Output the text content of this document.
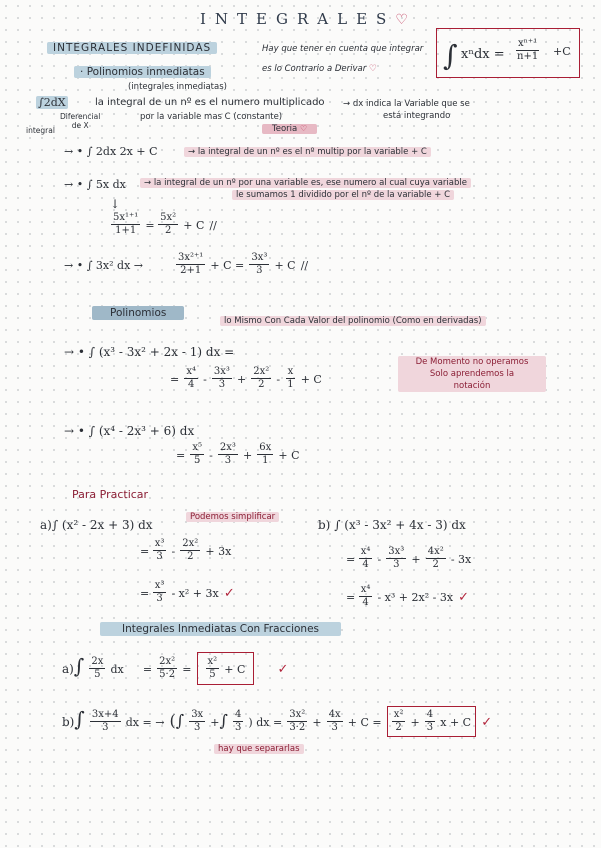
INTEGRALES♡
INTEGRALES INDEFINIDAS	Hay que tener en cuenta que integrar
es lo Contrario a Derivar ♡ ∫ $x^ndx = \frac{\text{xⁿ⁺¹}}{n+1} +C$
· Polinomios inmediatas
(integrales inmediatas)
∫2dX	la integral de un nº es el numero multiplicado
por la variable mas C (constante)
Diferencial
de X
integral
→ dx indica la Variable que se
está integrando
Teoria ♡
→ • ∫ 2dx 2x + C	→ la integral de un nº es el nº multip por la variable + C
→ • ∫ 5x dx	→ la integral de un nº por una variable es, ese numero al cual cuya variable
le sumamos 1 dividido por el nº de la variable + C
↓
$\frac{\text{5x¹⁺¹}}{1+1} = \frac{\text{5x²}}{2} + C$ //
→ • ∫ 3x² dx →	$\frac{\text{3x²⁺¹}}{2+1} + C = \frac{\text{3x³}}{3} + C$ //
Polinomios
lo Mismo Con Cada Valor del polinomio (Como en derivadas)
→ • ∫ (x³ - 3x² + 2x - 1) dx =
= $\frac{\text{x⁴}}{4} - \frac{\text{3x³}}{3} + \frac{\text{2x²}}{2} - \frac{x}{1} + C$
De Momento no operamos
Solo aprendemos la
notación
→ • ∫ (x⁴ - 2x³ + 6) dx
= $\frac{\text{x⁵}}{5} - \frac{\text{2x³}}{3} + \frac{6x}{1} + C$
Para Practicar
Podemos simplificar
a)∫ (x² - 2x + 3) dx
= $\frac{\text{x³}}{3} - \frac{\text{2x²}}{2} + 3x$
= $\frac{\text{x³}}{3} - x^2 + 3x$ ✓
b) ∫ (x³ - 3x² + 4x - 3) dx
= $\frac{\text{x⁴}}{4} - \frac{\text{3x³}}{3} + \frac{\text{4x²}}{2} - 3x$
= $\frac{\text{x⁴}}{4} - x^3 + 2x^2 - 3x$ ✓
Integrales Inmediatas Con Fracciones
$a)\int \frac{2x}{5}$ dx = $\frac{\text{2x²}}{5\cdot 2} = \frac{\text{x²}}{5} + C$ ✓
$b)\int \frac{3x+4}{3}$ dx = → (∫ $\frac{3x}{3}$ +∫ $\frac{4}{3}$ ) dx = $\frac{\text{3x²}}{3\cdot 2} + \frac{4x}{3} + C = \frac{\text{x²}}{2} + \frac{4}{3}$ x + C ✓
hay que separarlas
